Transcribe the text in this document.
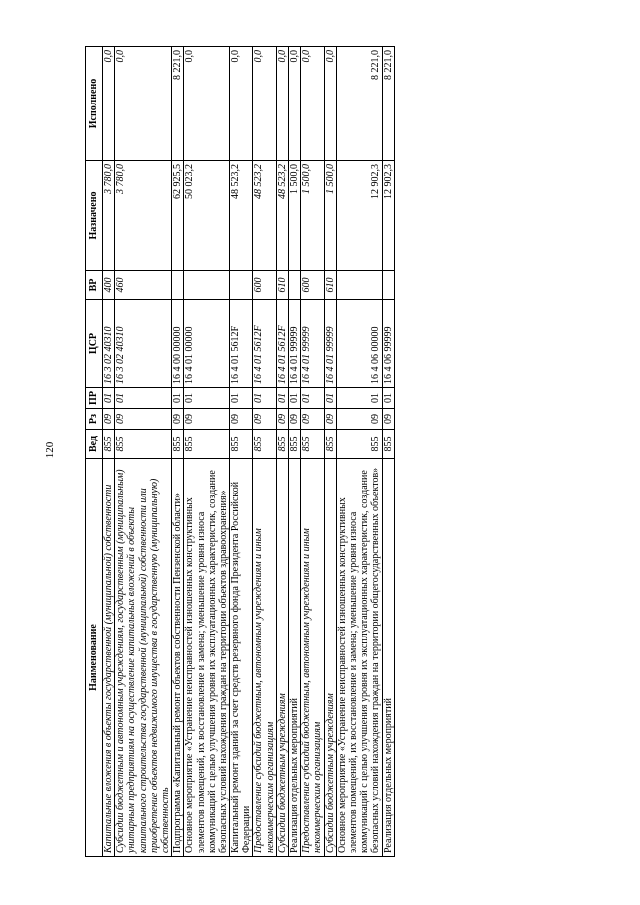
120
Наименование	Вед	Рз	ПР	ЦСР	ВР	Назначено	Исполнено
Капитальные вложения в объекты государственной (муниципальной) собственности	855	09	01	16 3 02 40310	400	3 780,0	0,0
Субсидии бюджетным и автономным учреждениям, государственным (муниципальным) унитарным предприятиям на осуществление капитальных вложений в объекты капитального строительства государственной (муниципальной) собственности или приобретение объектов недвижимого имущества в государственную (муниципальную) собственность	855	09	01	16 3 02 40310	460	3 780,0	0,0
Подпрограмма «Капитальный ремонт объектов собственности Пензенской области»	855	09	01	16 4 00 00000		62 925,5	8 221,0
Основное мероприятие «Устранение неисправностей изношенных конструктивных элементов помещений, их восстановление и замена; уменьшение уровня износа коммуникаций с целью улучшения уровня их эксплуатационных характеристик, создание безопасных условий нахождения граждан на территории объектов здравоохранения»	855	09	01	16 4 01 00000		50 023,2	0,0
Капитальный ремонт зданий за счет средств резервного фонда Президента Российской Федерации	855	09	01	16 4 01 5612F		48 523,2	0,0
Предоставление субсидий бюджетным, автономным учреждениям и иным некоммерческим организациям	855	09	01	16 4 01 5612F	600	48 523,2	0,0
Субсидии бюджетным учреждениям	855	09	01	16 4 01 5612F	610	48 523,2	0,0
Реализация отдельных мероприятий	855	09	01	16 4 01 99999		1 500,0	0,0
Предоставление субсидий бюджетным, автономным учреждениям и иным некоммерческим организациям	855	09	01	16 4 01 99999	600	1 500,0	0,0
Субсидии бюджетным учреждениям	855	09	01	16 4 01 99999	610	1 500,0	0,0
Основное мероприятие «Устранение неисправностей изношенных конструктивных элементов помещений, их восстановление и замена; уменьшение уровня износа коммуникаций с целью улучшения уровня их эксплуатационных характеристик, создание безопасных условий нахождения граждан на территории общегосударственных объектов»	855	09	01	16 4 06 00000		12 902,3	8 221,0
Реализация отдельных мероприятий	855	09	01	16 4 06 99999		12 902,3	8 221,0
